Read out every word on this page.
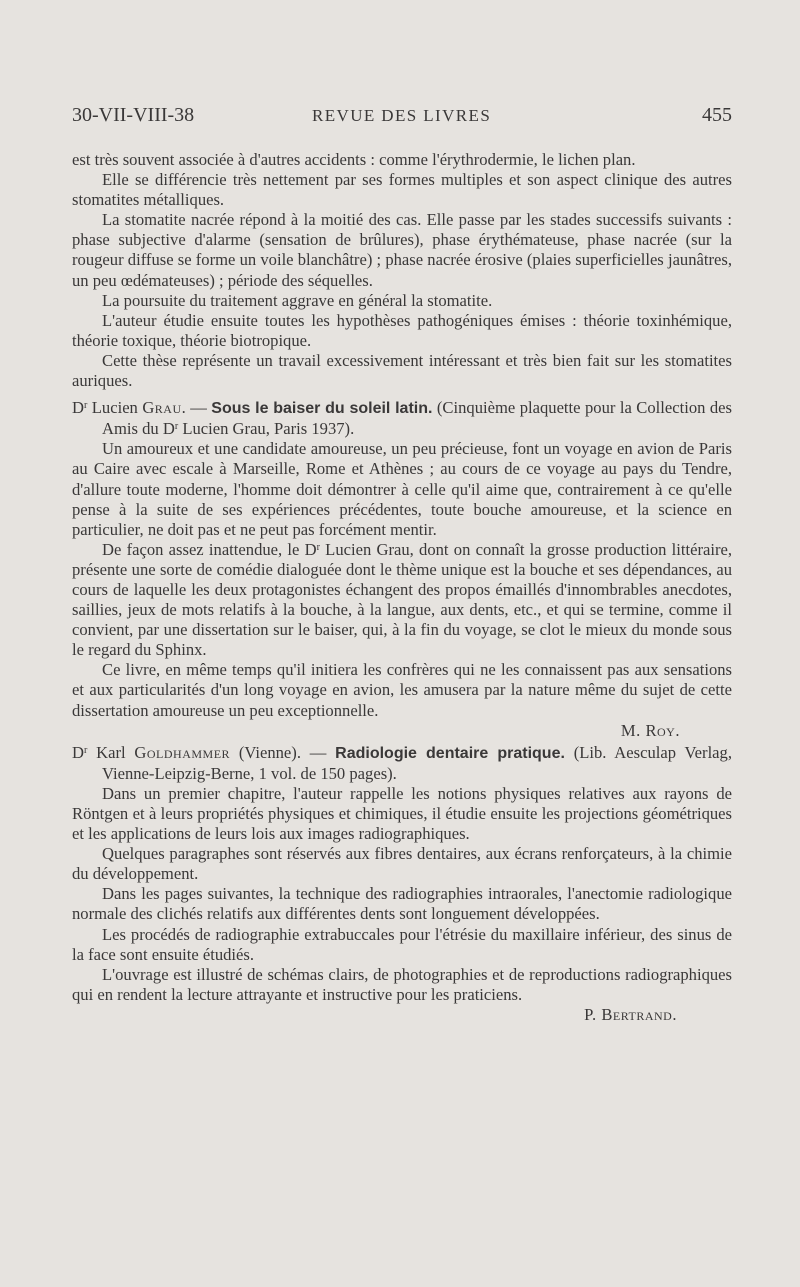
30-VII-VIII-38	REVUE DES LIVRES	455

est très souvent associée à d'autres accidents : comme l'érythrodermie, le lichen plan.

Elle se différencie très nettement par ses formes multiples et son aspect clinique des autres stomatites métalliques.

La stomatite nacrée répond à la moitié des cas. Elle passe par les stades successifs suivants : phase subjective d'alarme (sensation de brûlures), phase érythémateuse, phase nacrée (sur la rougeur diffuse se forme un voile blanchâtre) ; phase nacrée érosive (plaies superficielles jaunâtres, un peu œdémateuses) ; période des séquelles.

La poursuite du traitement aggrave en général la stomatite.

L'auteur étudie ensuite toutes les hypothèses pathogéniques émises : théorie toxinhémique, théorie toxique, théorie biotropique.

Cette thèse représente un travail excessivement intéressant et très bien fait sur les stomatites auriques.

$D^r$ Lucien Grau. — Sous le baiser du soleil latin. (Cinquième plaquette pour la Collection des Amis du $D^r$ Lucien Grau, Paris 1937).

Un amoureux et une candidate amoureuse, un peu précieuse, font un voyage en avion de Paris au Caire avec escale à Marseille, Rome et Athènes ; au cours de ce voyage au pays du Tendre, d'allure toute moderne, l'homme doit démontrer à celle qu'il aime que, contrairement à ce qu'elle pense à la suite de ses expériences précédentes, toute bouche amoureuse, et la science en particulier, ne doit pas et ne peut pas forcément mentir.

De façon assez inattendue, le $D^r$ Lucien Grau, dont on connaît la grosse production littéraire, présente une sorte de comédie dialoguée dont le thème unique est la bouche et ses dépendances, au cours de laquelle les deux protagonistes échangent des propos émaillés d'innombrables anecdotes, saillies, jeux de mots relatifs à la bouche, à la langue, aux dents, etc., et qui se termine, comme il convient, par une dissertation sur le baiser, qui, à la fin du voyage, se clot le mieux du monde sous le regard du Sphinx.

Ce livre, en même temps qu'il initiera les confrères qui ne les connaissent pas aux sensations et aux particularités d'un long voyage en avion, les amusera par la nature même du sujet de cette dissertation amoureuse un peu exceptionnelle.

M. Roy.

$D^r$ Karl Goldhammer (Vienne). — Radiologie dentaire pratique. (Lib. Aesculap Verlag, Vienne-Leipzig-Berne, 1 vol. de 150 pages).

Dans un premier chapitre, l'auteur rappelle les notions physiques relatives aux rayons de Röntgen et à leurs propriétés physiques et chimiques, il étudie ensuite les projections géométriques et les applications de leurs lois aux images radiographiques.

Quelques paragraphes sont réservés aux fibres dentaires, aux écrans renforçateurs, à la chimie du développement.

Dans les pages suivantes, la technique des radiographies intraorales, l'anectomie radiologique normale des clichés relatifs aux différentes dents sont longuement développées.

Les procédés de radiographie extrabuccales pour l'étrésie du maxillaire inférieur, des sinus de la face sont ensuite étudiés.

L'ouvrage est illustré de schémas clairs, de photographies et de reproductions radiographiques qui en rendent la lecture attrayante et instructive pour les praticiens.

P. Bertrand.
